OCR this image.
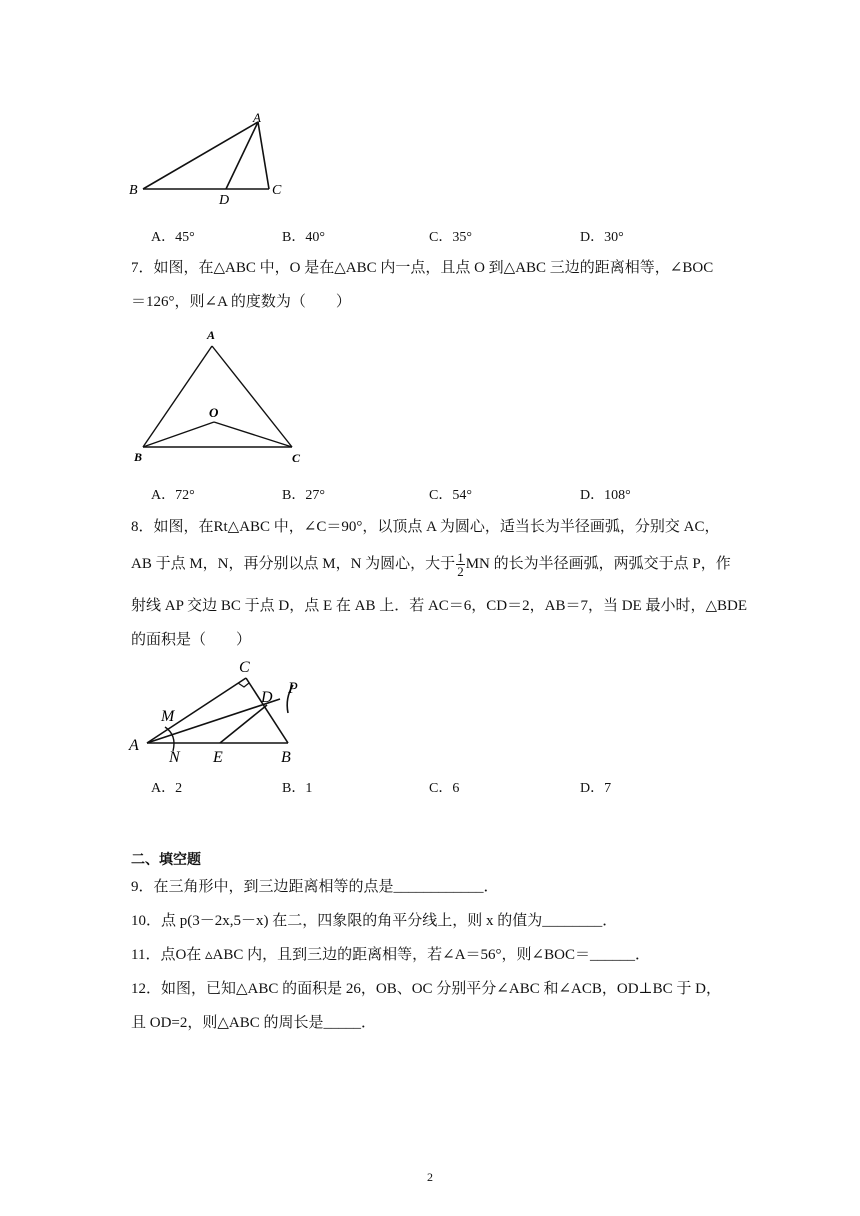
A
B	C
D
A．45°	B．40°	C．35°	D．30°
7．如图，在△ABC 中，O 是在△ABC 内一点，且点 O 到△ABC 三边的距离相等，∠BOC
＝126°，则∠A 的度数为（　　）
A
O
B	C
A．72°	B．27°	C．54°	D．108°
8．如图，在Rt△ABC 中，∠C＝90°，以顶点 A 为圆心，适当长为半径画弧，分别交 AC，
AB 于点 M，N，再分别以点 M，N 为圆心，大于 $\frac{1}{2}$ MN 的长为半径画弧，两弧交于点 P，作
射线 AP 交边 BC 于点 D，点 E 在 AB 上．若 AC＝6，CD＝2，AB＝7，当 DE 最小时，△BDE
的面积是（　　）
C
D
P
M
A
N E	B
A．2	B．1	C．6	D．7
二、填空题
9．在三角形中，到三边距离相等的点是____________．
10．点 p(3－2x,5－x) 在二，四象限的角平分线上，则 x 的值为________．
11．点O在 ▵ABC 内，且到三边的距离相等，若∠A＝56°，则∠BOC＝______．
12．如图，已知△ABC 的面积是 26，OB、OC 分别平分∠ABC 和∠ACB，OD⊥BC 于 D，
且 OD=2，则△ABC 的周长是_____．
2
